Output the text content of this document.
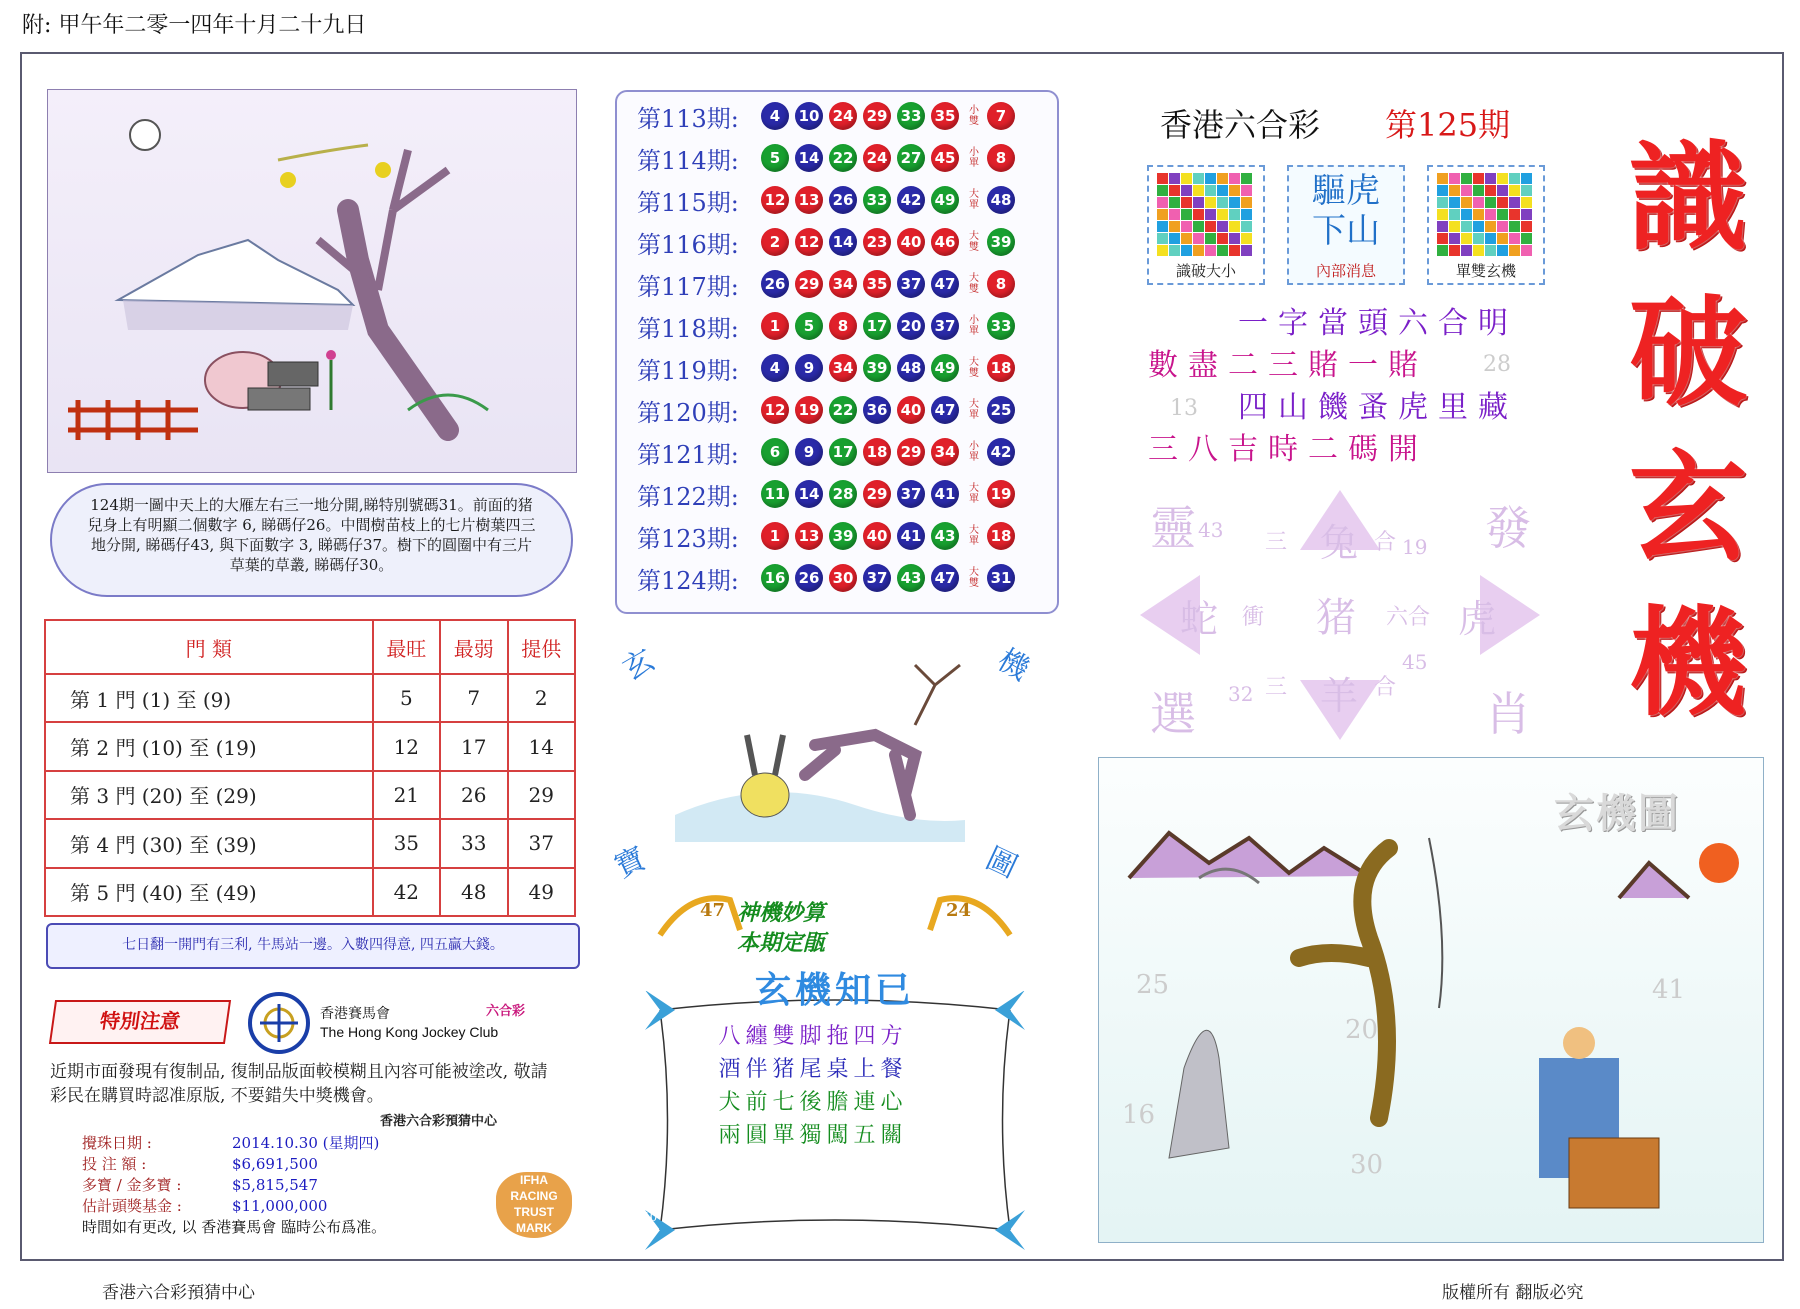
附: 甲午年二零一四年十月二十九日
124期一圖中天上的大雁左右三一地分開,睇特別號碼31。前面的猪兒身上有明顯二個數字 6, 睇碼仔26。中間樹苗枝上的七片樹葉四三地分開, 睇碼仔43, 與下面數字 3, 睇碼仔37。樹下的圓圈中有三片草葉的草叢, 睇碼仔30。
門 類	最旺	最弱	提供
第 1 門 (1) 至 (9)	5	7	2
第 2 門 (10) 至 (19)	12	17	14
第 3 門 (20) 至 (29)	21	26	29
第 4 門 (30) 至 (39)	35	33	37
第 5 門 (40) 至 (49)	42	48	49
七日翻一開門有三利, 牛馬站一邊。入數四得意, 四五贏大錢。
特別注意	香港賽馬會
The Hong Kong Jockey Club
六合彩
近期市面發現有復制品, 復制品版面較模糊且內容可能被塗改, 敬請彩民在購買時認准原版, 不要錯失中獎機會。
香港六合彩預猜中心
攪珠日期 :	2014.10.30 (星期四)
投 注 額 :	$6,691,500
多寶 / 金多寶 :	$5,815,547
估計頭獎基金 :	$11,000,000
時間如有更改, 以 香港賽馬會 臨時公布爲准。
IFHA RACING TRUST MARK
第113期:	4	10 24 29 33 35	小雙	7
第114期:	5	14 22 24 27 45	小單	8
第115期:	12 13 26 33 42 49	大單 48
第116期:	2	12 14 23 40 46	大雙 39
第117期:	26 29 34 35 37 47	大雙	8
第118期:	1	5	8	17 20 37	小單 33
第119期:	4	9	34 39 48 49	大雙 18
第120期:	12 19 22 36 40 47	大單 25
第121期:	6	9	17 18 29 34	小單 42
第122期:	11 14 28 29 37 41	大單 19
第123期:	1	13 39 40 41 43	大單 18
第124期:	16 26 30 37 43 47	大雙 31
玄	機
寶	圖
47	24
神機妙算
本期定瓹
15	27
40	46
玄機知已
八纏雙脚拖四方
酒伴猪尾桌上餐
犬前七後膽連心
兩圓單獨闖五關
香港六合彩 第125期
識破大小
驅虎
下山
內部消息	單雙玄機
一字當頭六合明
數盡二三賭一賭
四山饑蚤虎里藏
三八吉時二碼開
28
13
靈	發
選	肖
蛇	虎
兔
羊
猪
三	合
衝	六合
三	合
43
19
45
32
識
破
玄
機
玄機圖
25	41
20
16
30
香港六合彩預猜中心	版權所有 翻版必究
